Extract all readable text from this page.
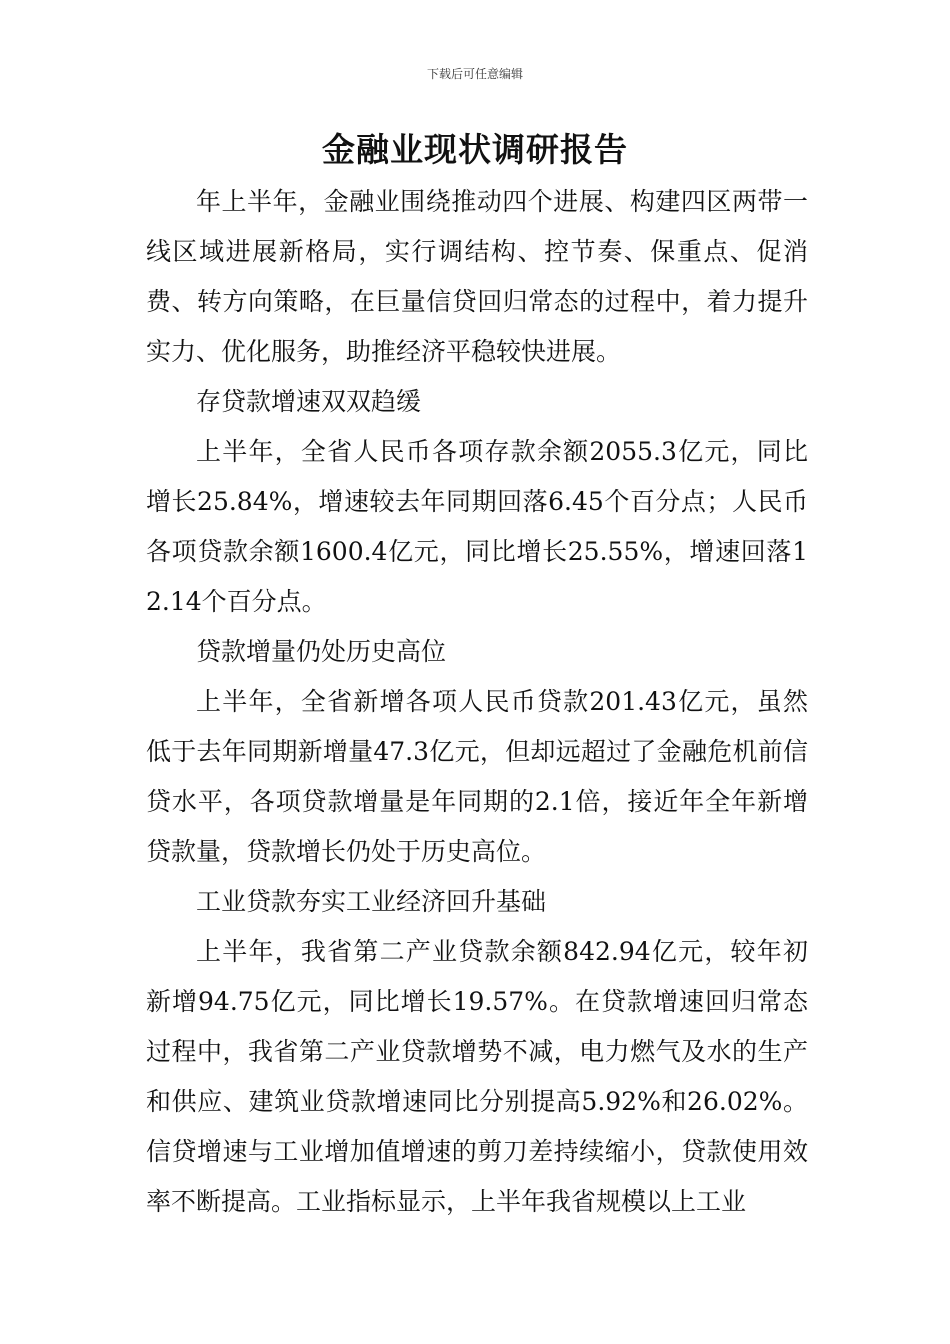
下载后可任意编辑
金融业现状调研报告

年上半年，金融业围绕推动四个进展、构建四区两带一线区域进展新格局，实行调结构、控节奏、保重点、促消费、转方向策略，在巨量信贷回归常态的过程中，着力提升实力、优化服务，助推经济平稳较快进展。

存贷款增速双双趋缓

上半年，全省人民币各项存款余额2055.3亿元，同比增长25.84%，增速较去年同期回落6.45个百分点；人民币各项贷款余额1600.4亿元，同比增长25.55%，增速回落12.14个百分点。

贷款增量仍处历史高位

上半年，全省新增各项人民币贷款201.43亿元，虽然低于去年同期新增量47.3亿元，但却远超过了金融危机前信贷水平，各项贷款增量是年同期的2.1倍，接近年全年新增贷款量，贷款增长仍处于历史高位。

工业贷款夯实工业经济回升基础

上半年，我省第二产业贷款余额842.94亿元，较年初新增94.75亿元，同比增长19.57%。在贷款增速回归常态过程中，我省第二产业贷款增势不减，电力燃气及水的生产和供应、建筑业贷款增速同比分别提高5.92%和26.02%。信贷增速与工业增加值增速的剪刀差持续缩小，贷款使用效率不断提高。工业指标显示，上半年我省规模以上工业
